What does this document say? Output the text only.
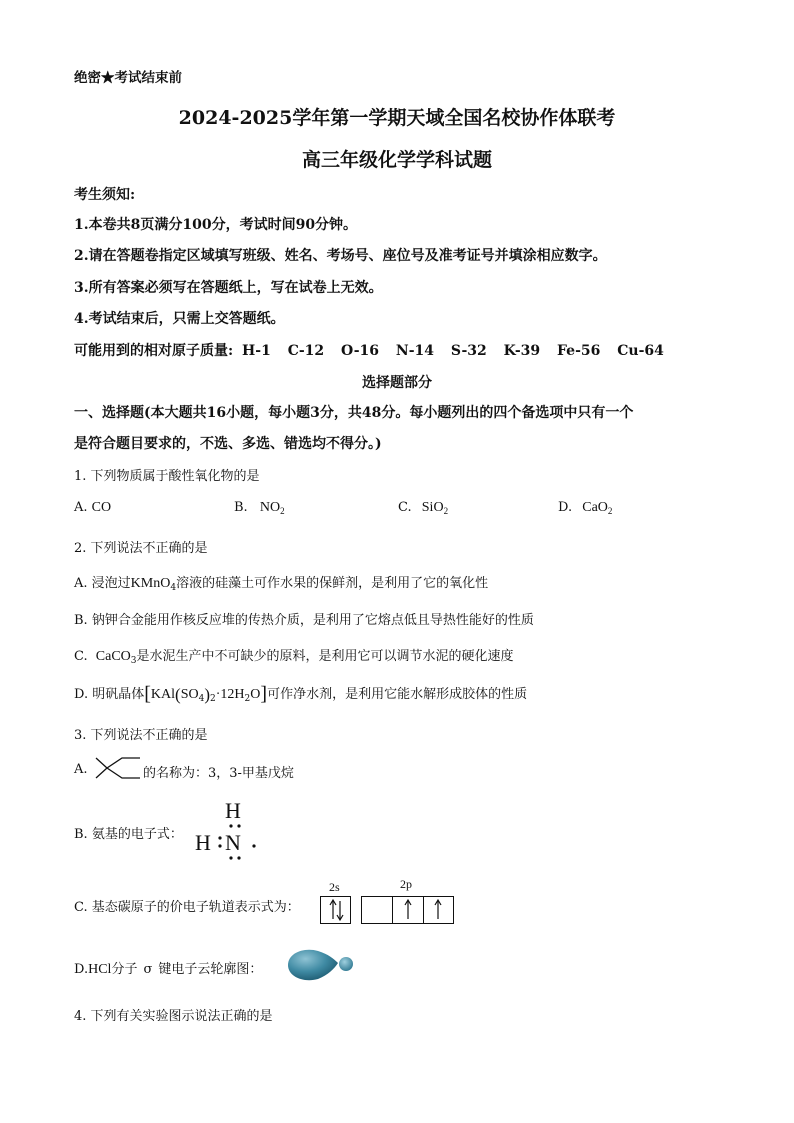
绝密★考试结束前
2024-2025学年第一学期天域全国名校协作体联考
高三年级化学学科试题
考生须知:
1.本卷共8页满分100分，考试时间90分钟。
2.请在答题卷指定区域填写班级、姓名、考场号、座位号及准考证号并填涂相应数字。
3.所有答案必须写在答题纸上，写在试卷上无效。
4.考试结束后，只需上交答题纸。
可能用到的相对原子质量: H-1 C-12 O-16 N-14 S-32 K-39 Fe-56 Cu-64
选择题部分
一、选择题(本大题共16小题，每小题3分，共48分。每小题列出的四个备选项中只有一个
是符合题目要求的，不选、多选、错选均不得分。)
1. 下列物质属于酸性氧化物的是
A. CO	B. $NO_2$	C. SiO$_2$	D. CaO$_2$
2. 下列说法不正确的是
A. 浸泡过KMnO$_4$溶液的硅藻土可作水果的保鲜剂，是利用了它的氧化性
B. 钠钾合金能用作核反应堆的传热介质，是利用了它熔点低且导热性能好的性质
C. CaCO$_3$是水泥生产中不可缺少的原料，是利用它可以调节水泥的硬化速度
D. 明矾晶体$[KAl(SO_4)_2\cdot 12H_2O]$可作净水剂，是利用它能水解形成胶体的性质
3. 下列说法不正确的是
A.	的名称为：3，3-甲基戊烷
B. 氨基的电子式：
H
H N
C. 基态碳原子的价电子轨道表示式为：
2s	2p
D.HCl分子 σ 键电子云轮廓图：
4. 下列有关实验图示说法正确的是
